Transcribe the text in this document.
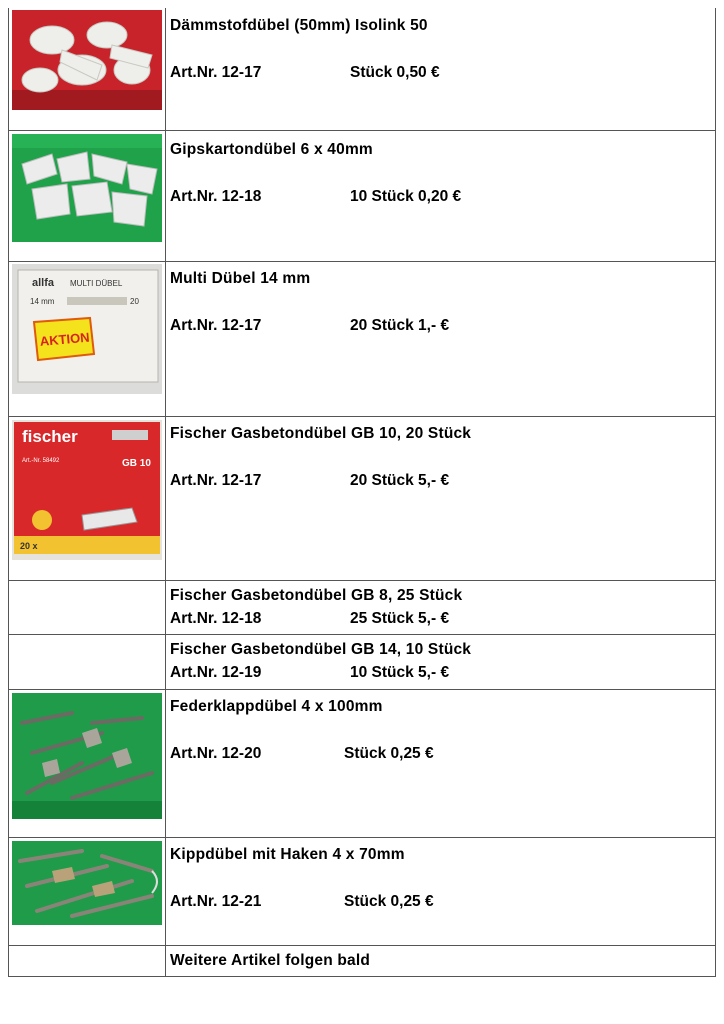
Dämmstofdübel (50mm) Isolink 50
Art.Nr. 12-17	Stück 0,50 €
Gipskartondübel 6 x 40mm
Art.Nr. 12-18	10 Stück 0,20 €
allfa MULTI DÜBEL
14 mm	20
AKTION
Multi Dübel 14 mm
Art.Nr. 12-17	20 Stück 1,- €
fischer
Art.-Nr. 58492	GB 10
20 x
Fischer Gasbetondübel GB 10, 20 Stück
Art.Nr. 12-17	20 Stück 5,- €
Fischer Gasbetondübel GB 8, 25 Stück
Art.Nr. 12-18	25 Stück 5,- €
Fischer Gasbetondübel GB 14, 10 Stück
Art.Nr. 12-19	10 Stück 5,- €
Federklappdübel 4 x 100mm
Art.Nr. 12-20	Stück 0,25 €
Kippdübel mit Haken 4 x 70mm
Art.Nr. 12-21	Stück 0,25 €
Weitere Artikel folgen bald
